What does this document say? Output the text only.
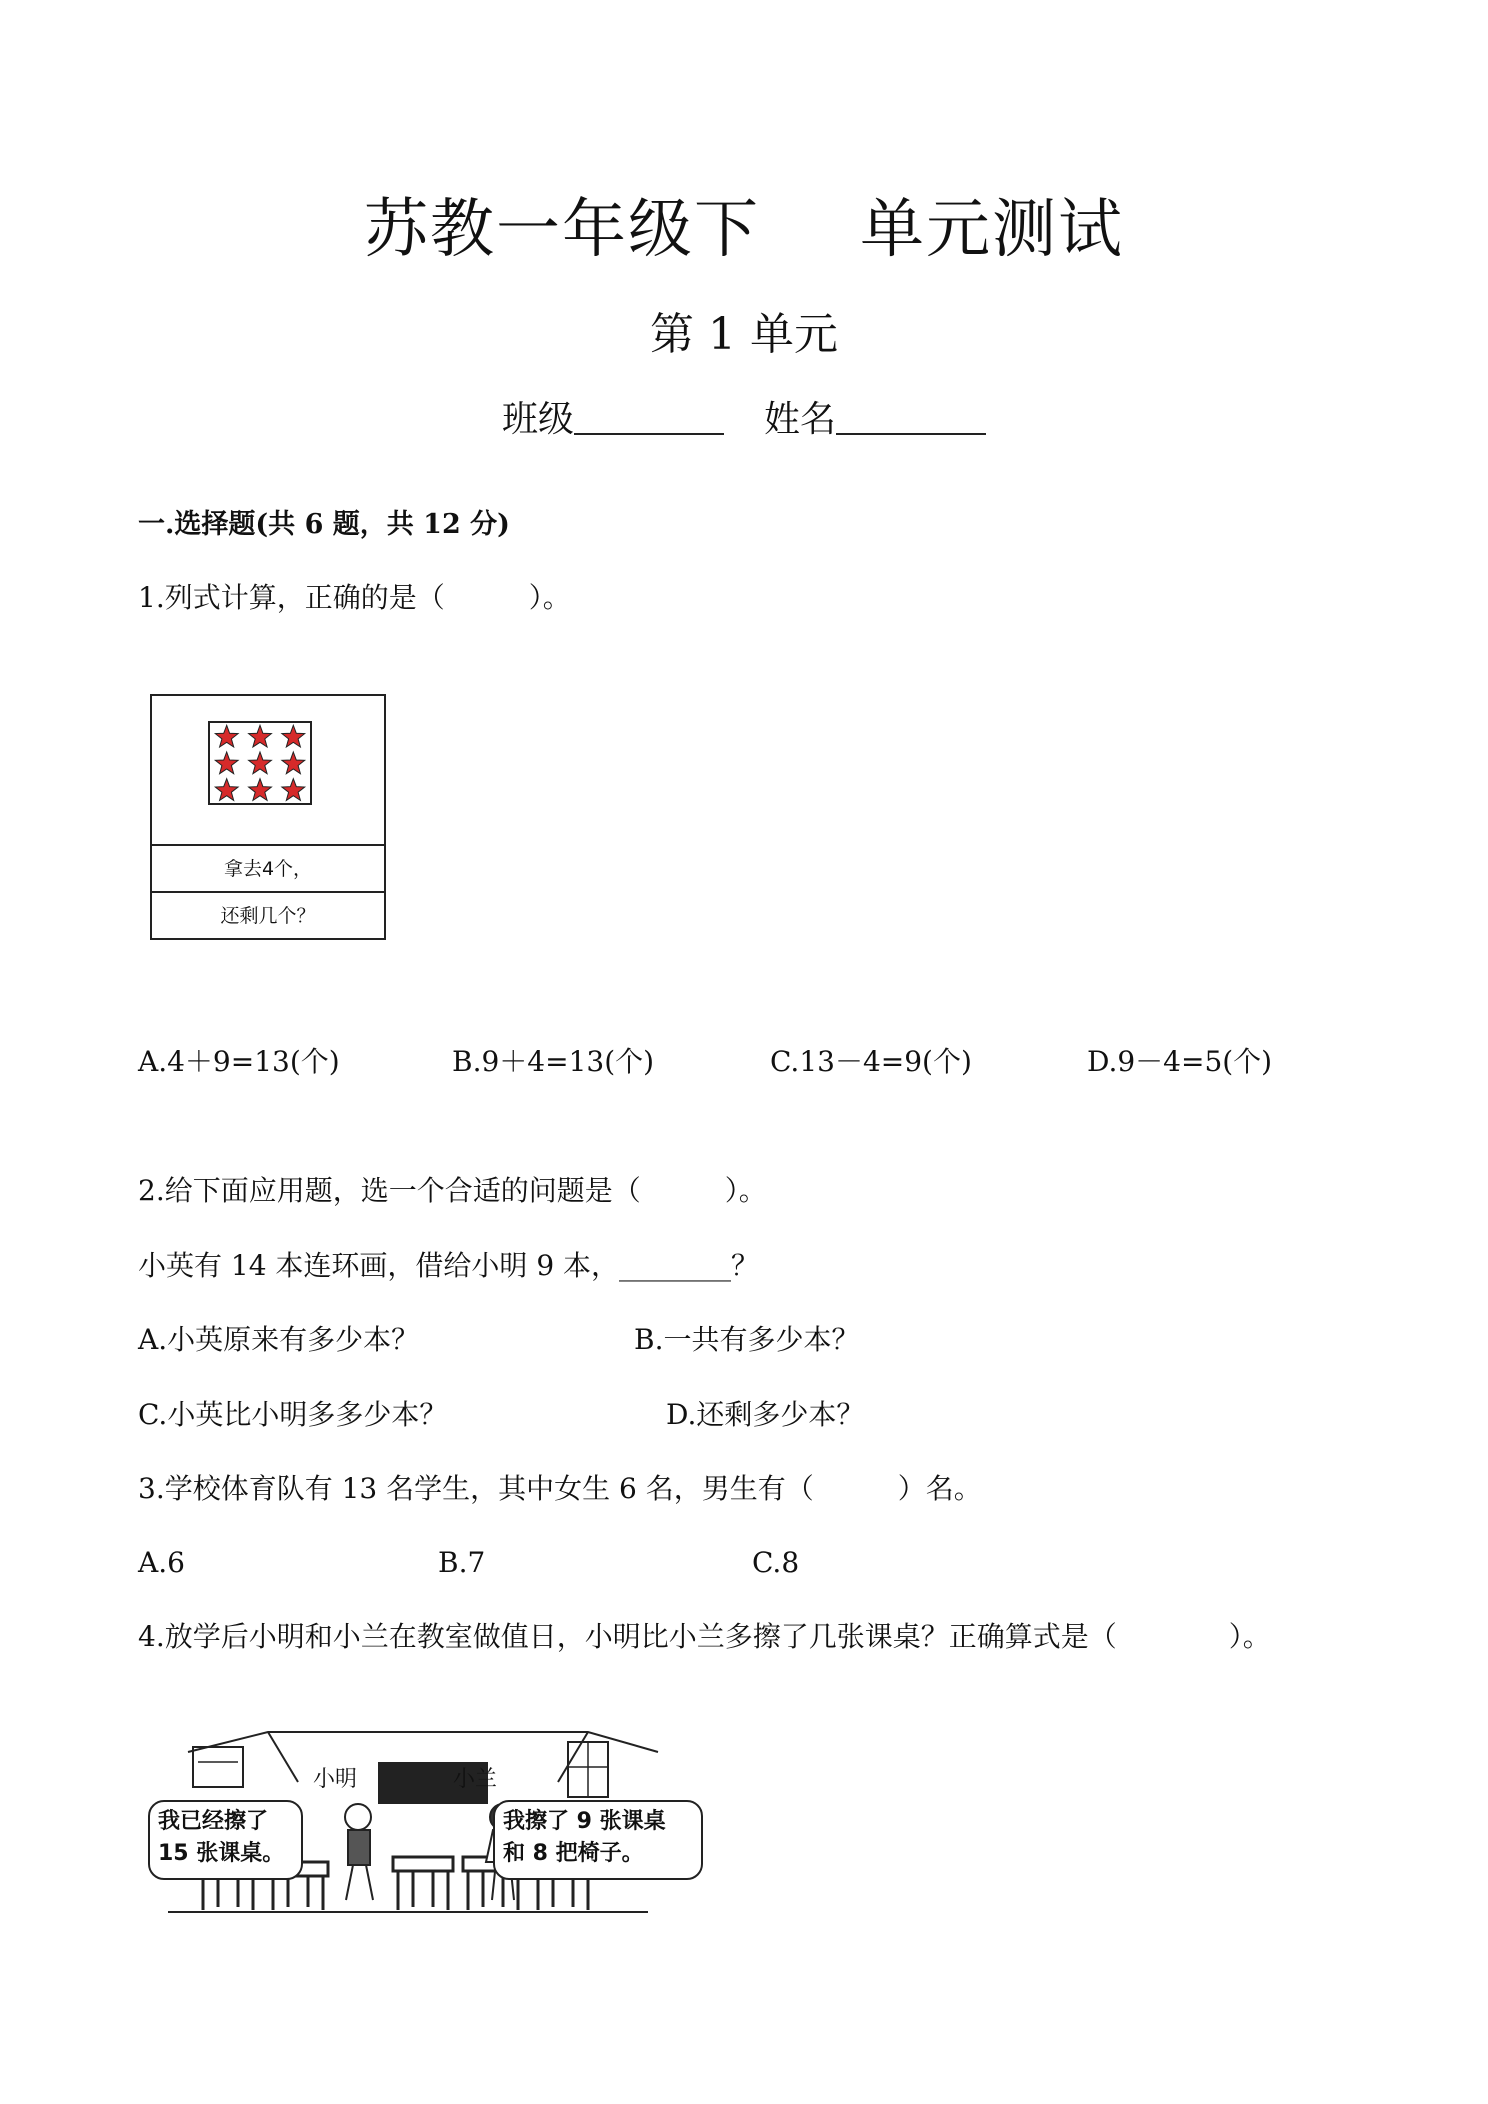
苏教一年级下 单元测试
第 1 单元
班级	姓名
一.选择题(共 6 题，共 12 分)
1.列式计算，正确的是（　　　）。
拿去4个，
还剩几个？
A.4＋9=13(个)	B.9＋4=13(个)	C.13－4=9(个)	D.9－4=5(个)
2.给下面应用题，选一个合适的问题是（　　　）。
小英有 14 本连环画，借给小明 9 本，________？
A.小英原来有多少本？	B.一共有多少本？
C.小英比小明多多少本？	D.还剩多少本？
3.学校体育队有 13 名学生，其中女生 6 名，男生有（　　　）名。
A.6	B.7	C.8
4.放学后小明和小兰在教室做值日，小明比小兰多擦了几张课桌？正确算式是（　　　　）。
小明	小兰
我已经擦了
15 张课桌。
我擦了 9 张课桌
和 8 把椅子。
